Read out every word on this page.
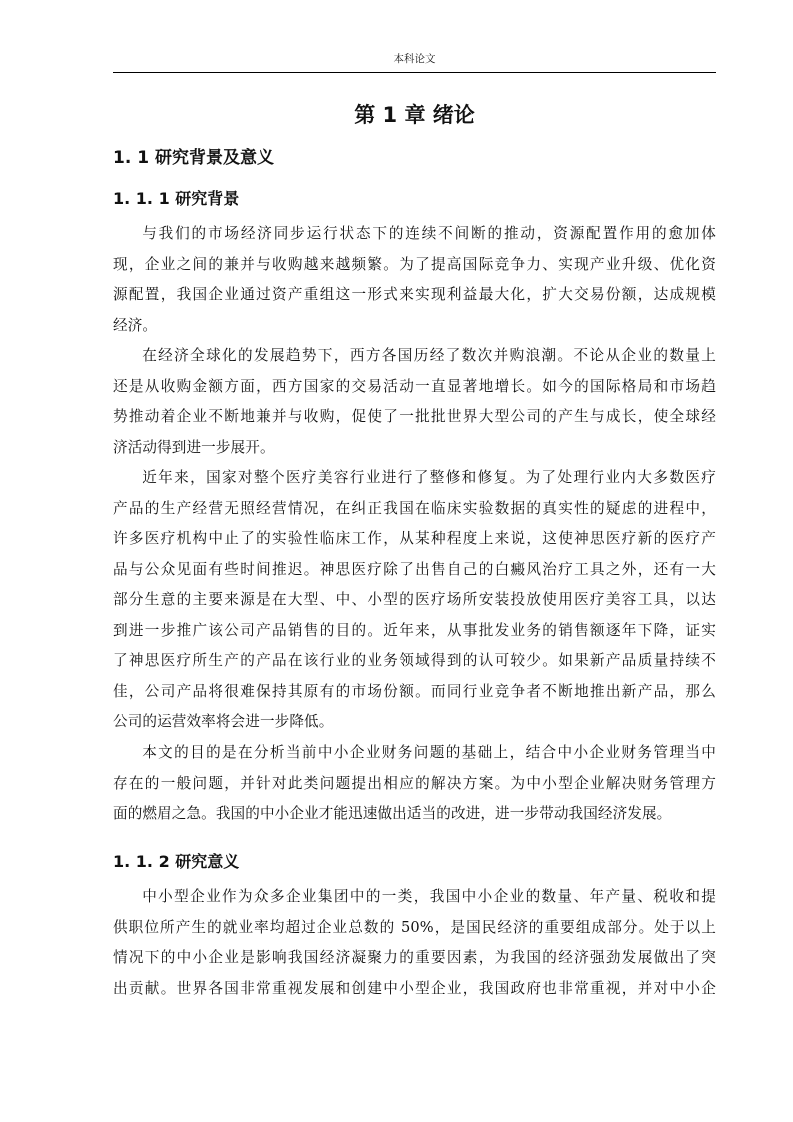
本科论文
第 1 章 绪论
1. 1 研究背景及意义
1. 1. 1 研究背景

与我们的市场经济同步运行状态下的连续不间断的推动，资源配置作用的愈加体
现，企业之间的兼并与收购越来越频繁。为了提高国际竞争力、实现产业升级、优化资
源配置，我国企业通过资产重组这一形式来实现利益最大化，扩大交易份额，达成规模
经济。

在经济全球化的发展趋势下，西方各国历经了数次并购浪潮。不论从企业的数量上
还是从收购金额方面，西方国家的交易活动一直显著地增长。如今的国际格局和市场趋
势推动着企业不断地兼并与收购，促使了一批批世界大型公司的产生与成长，使全球经
济活动得到进一步展开。

近年来，国家对整个医疗美容行业进行了整修和修复。为了处理行业内大多数医疗
产品的生产经营无照经营情况，在纠正我国在临床实验数据的真实性的疑虑的进程中，
许多医疗机构中止了的实验性临床工作，从某种程度上来说，这使神思医疗新的医疗产
品与公众见面有些时间推迟。神思医疗除了出售自己的白癜风治疗工具之外，还有一大
部分生意的主要来源是在大型、中、小型的医疗场所安装投放使用医疗美容工具，以达
到进一步推广该公司产品销售的目的。近年来，从事批发业务的销售额逐年下降，证实
了神思医疗所生产的产品在该行业的业务领域得到的认可较少。如果新产品质量持续不
佳，公司产品将很难保持其原有的市场份额。而同行业竞争者不断地推出新产品，那么
公司的运营效率将会进一步降低。

本文的目的是在分析当前中小企业财务问题的基础上，结合中小企业财务管理当中
存在的一般问题，并针对此类问题提出相应的解决方案。为中小型企业解决财务管理方
面的燃眉之急。我国的中小企业才能迅速做出适当的改进，进一步带动我国经济发展。

1. 1. 2 研究意义

中小型企业作为众多企业集团中的一类，我国中小企业的数量、年产量、税收和提
供职位所产生的就业率均超过企业总数的 50%，是国民经济的重要组成部分。处于以上
情况下的中小企业是影响我国经济凝聚力的重要因素，为我国的经济强劲发展做出了突
出贡献。世界各国非常重视发展和创建中小型企业，我国政府也非常重视，并对中小企
